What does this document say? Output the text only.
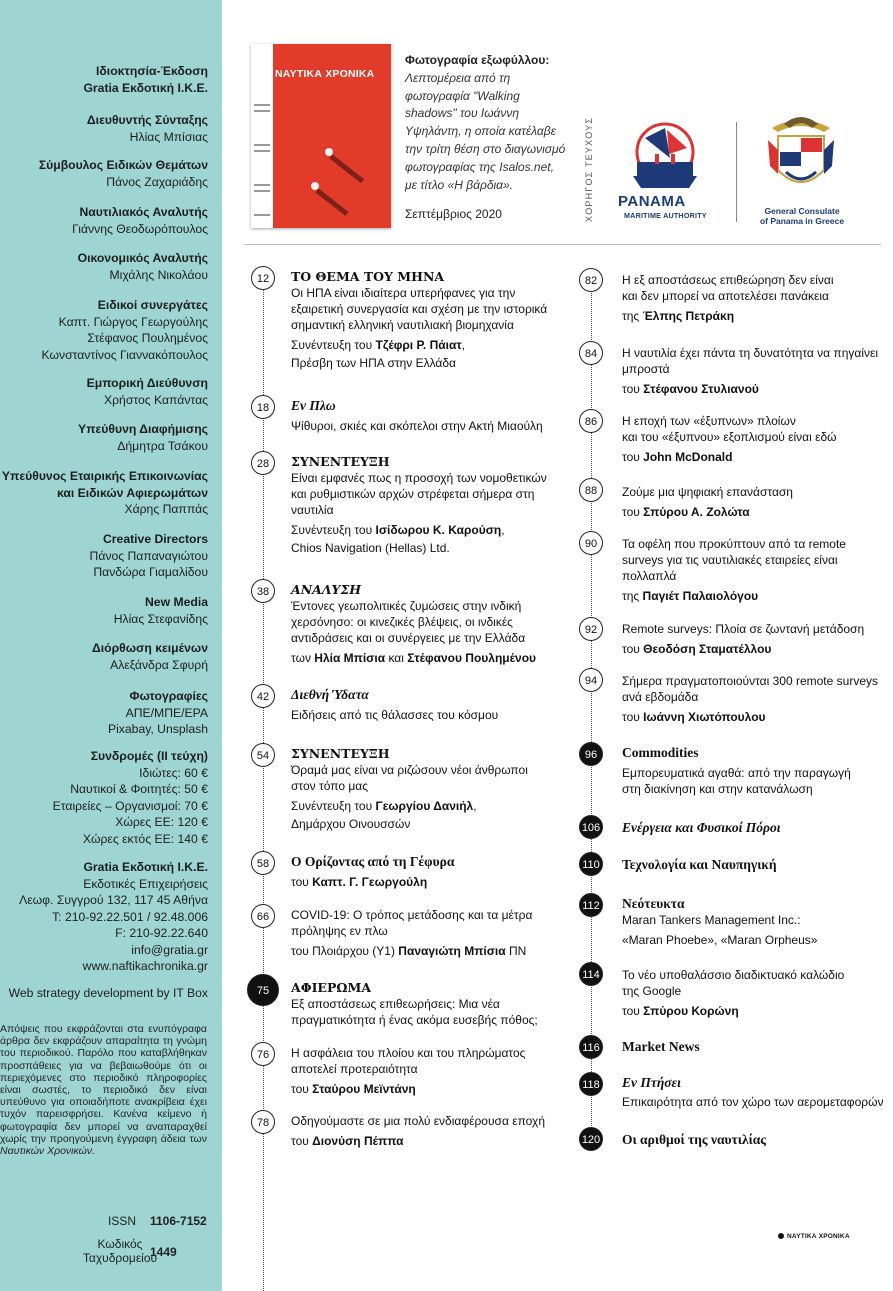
Ιδιοκτησία-Έκδοση
Gratia Εκδοτική Ι.Κ.Ε.
Διευθυντής Σύνταξης
Ηλίας Μπίσιας
Σύμβουλος Ειδικών Θεμάτων
Πάνος Ζαχαριάδης
Ναυτιλιακός Αναλυτής
Γιάννης Θεοδωρόπουλος
Οικονομικός Αναλυτής
Μιχάλης Νικολάου
Ειδικοί συνεργάτες
Καπτ. Γιώργος Γεωργούλης
Στέφανος Πουλημένος
Κωνσταντίνος Γιαννακόπουλος
Εμπορική Διεύθυνση
Χρήστος Καπάντας
Υπεύθυνη Διαφήμισης
Δήμητρα Τσάκου
Υπεύθυνος Εταιρικής Επικοινωνίας
και Ειδικών Αφιερωμάτων
Χάρης Παππάς
Creative Directors
Πάνος Παπαναγιώτου
Πανδώρα Γιαμαλίδου
New Media
Ηλίας Στεφανίδης
Διόρθωση κειμένων
Αλεξάνδρα Σφυρή
Φωτογραφίες
ΑΠΕ/ΜΠΕ/EPA
Pixabay, Unsplash
Συνδρομές (ΙΙ τεύχη)
Ιδιώτες: 60 €
Ναυτικοί & Φοιτητές: 50 €
Εταιρείες – Οργανισμοί: 70 €
Χώρες ΕΕ: 120 €
Χώρες εκτός ΕΕ: 140 €
Gratia Εκδοτική Ι.Κ.Ε.
Εκδοτικές Επιχειρήσεις
Λεωφ. Συγγρού 132, 117 45 Αθήνα
T: 210-92.22.501 / 92.48.006
F: 210-92.22.640
info@gratia.gr
www.naftikachronika.gr
Web strategy development by IT Box
Απόψεις που εκφράζονται στα ενυπόγραφα άρθρα δεν εκφράζουν απαραίτητα τη γνώμη του περιοδικού. Παρόλο που καταβλήθηκαν προσπάθειες για να βεβαιωθούμε ότι οι περιεχόμενες στο περιοδικό πληροφορίες είναι σωστές, το περιοδικό δεν είναι υπεύθυνο για οποιαδήποτε ανακρίβεια έχει τυχόν παρεισφρήσει. Κανένα κείμενο ή φωτογραφία δεν μπορεί να αναπαραχθεί χωρίς την προηγούμενη έγγραφη άδεια των Ναυτικών Χρονικών.
ISSN 1106-7152
Κωδικός
Ταχυδρομείου
1449
ΝΑΥΤΙΚΑ ΧΡΟΝΙΚΑ
Φωτογραφία εξωφύλλου:
Λεπτομέρεια από τη
φωτογραφία "Walking
shadows" του Ιωάννη
Υψηλάντη, η οποία κατέλαβε
την τρίτη θέση στο διαγωνισμό
φωτογραφίας της Isalos.net,
με τίτλο «Η βάρδια».
Σεπτέμβριος 2020	ΧΟΡΗΓΟΣ ΤΕΥΧΟΥΣ PANAMA
MARITIME AUTHORITY	General Consulate
of Panama in Greece
12	ΤΟ ΘΕΜΑ ΤΟΥ ΜΗΝΑ
Οι ΗΠΑ είναι ιδιαίτερα υπερήφανες για την
εξαιρετική συνεργασία και σχέση με την ιστορικά
σημαντική ελληνική ναυτιλιακή βιομηχανία
Συνέντευξη του Τζέφρι Ρ. Πάιατ,
Πρέσβη των ΗΠΑ στην Ελλάδα
18	Εν Πλω
Ψίθυροι, σκιές και σκόπελοι στην Ακτή Μιαούλη
28	ΣΥΝΕΝΤΕΥΞΗ
Είναι εμφανές πως η προσοχή των νομοθετικών
και ρυθμιστικών αρχών στρέφεται σήμερα στη
ναυτιλία
Συνέντευξη του Ισίδωρου Κ. Καρούση,
Chios Navigation (Hellas) Ltd.
38	ΑΝΑΛΥΣΗ
Έντονες γεωπολιτικές ζυμώσεις στην ινδική
χερσόνησο: οι κινεζικές βλέψεις, οι ινδικές
αντιδράσεις και οι συνέργειες με την Ελλάδα
των Ηλία Μπίσια και Στέφανου Πουλημένου
42	Διεθνή Ύδατα
Ειδήσεις από τις θάλασσες του κόσμου
54	ΣΥΝΕΝΤΕΥΞΗ
Όραμά μας είναι να ριζώσουν νέοι άνθρωποι
στον τόπο μας
Συνέντευξη του Γεωργίου Δανιήλ,
Δημάρχου Οινουσσών
58	Ο Ορίζοντας από τη Γέφυρα
του Καπτ. Γ. Γεωργούλη
66	COVID-19: Ο τρόπος μετάδοσης και τα μέτρα
πρόληψης εν πλω
του Πλοιάρχου (Υ1) Παναγιώτη Μπίσια ΠΝ
75	ΑΦΙΕΡΩΜΑ
Εξ αποστάσεως επιθεωρήσεις: Μια νέα
πραγματικότητα ή ένας ακόμα ευσεβής πόθος;
76	Η ασφάλεια του πλοίου και του πληρώματος
αποτελεί προτεραιότητα
του Σταύρου Μεϊντάνη
78	Οδηγούμαστε σε μια πολύ ενδιαφέρουσα εποχή
του Διονύση Πέππα
82	Η εξ αποστάσεως επιθεώρηση δεν είναι
και δεν μπορεί να αποτελέσει πανάκεια
της Έλπης Πετράκη
84	Η ναυτιλία έχει πάντα τη δυνατότητα να πηγαίνει
μπροστά
του Στέφανου Στυλιανού
86	Η εποχή των «έξυπνων» πλοίων
και του «έξυπνου» εξοπλισμού είναι εδώ
του John McDonald
88	Ζούμε μια ψηφιακή επανάσταση
του Σπύρου Α. Ζολώτα
90	Τα οφέλη που προκύπτουν από τα remote
surveys για τις ναυτιλιακές εταιρείες είναι
πολλαπλά
της Παγιέτ Παλαιολόγου
92	Remote surveys: Πλοία σε ζωντανή μετάδοση
του Θεοδόση Σταματέλλου
94	Σήμερα πραγματοποιούνται 300 remote surveys
ανά εβδομάδα
του Ιωάννη Χιωτόπουλου
96	Commodities
Εμπορευματικά αγαθά: από την παραγωγή
στη διακίνηση και στην κατανάλωση
106 Ενέργεια και Φυσικοί Πόροι
110 Τεχνολογία και Ναυπηγική
112 Νεότευκτα
Maran Tankers Management Inc.:
«Maran Phoebe», «Maran Orpheus»
114 Το νέο υποθαλάσσιο διαδικτυακό καλώδιο
της Google
του Σπύρου Κορώνη
116 Market News
118 Εν Πτήσει
Επικαιρότητα από τον χώρο των αερομεταφορών
120 Οι αριθμοί της ναυτιλίας
ΝΑΥΤΙΚΑ ΧΡΟΝΙΚΑ
